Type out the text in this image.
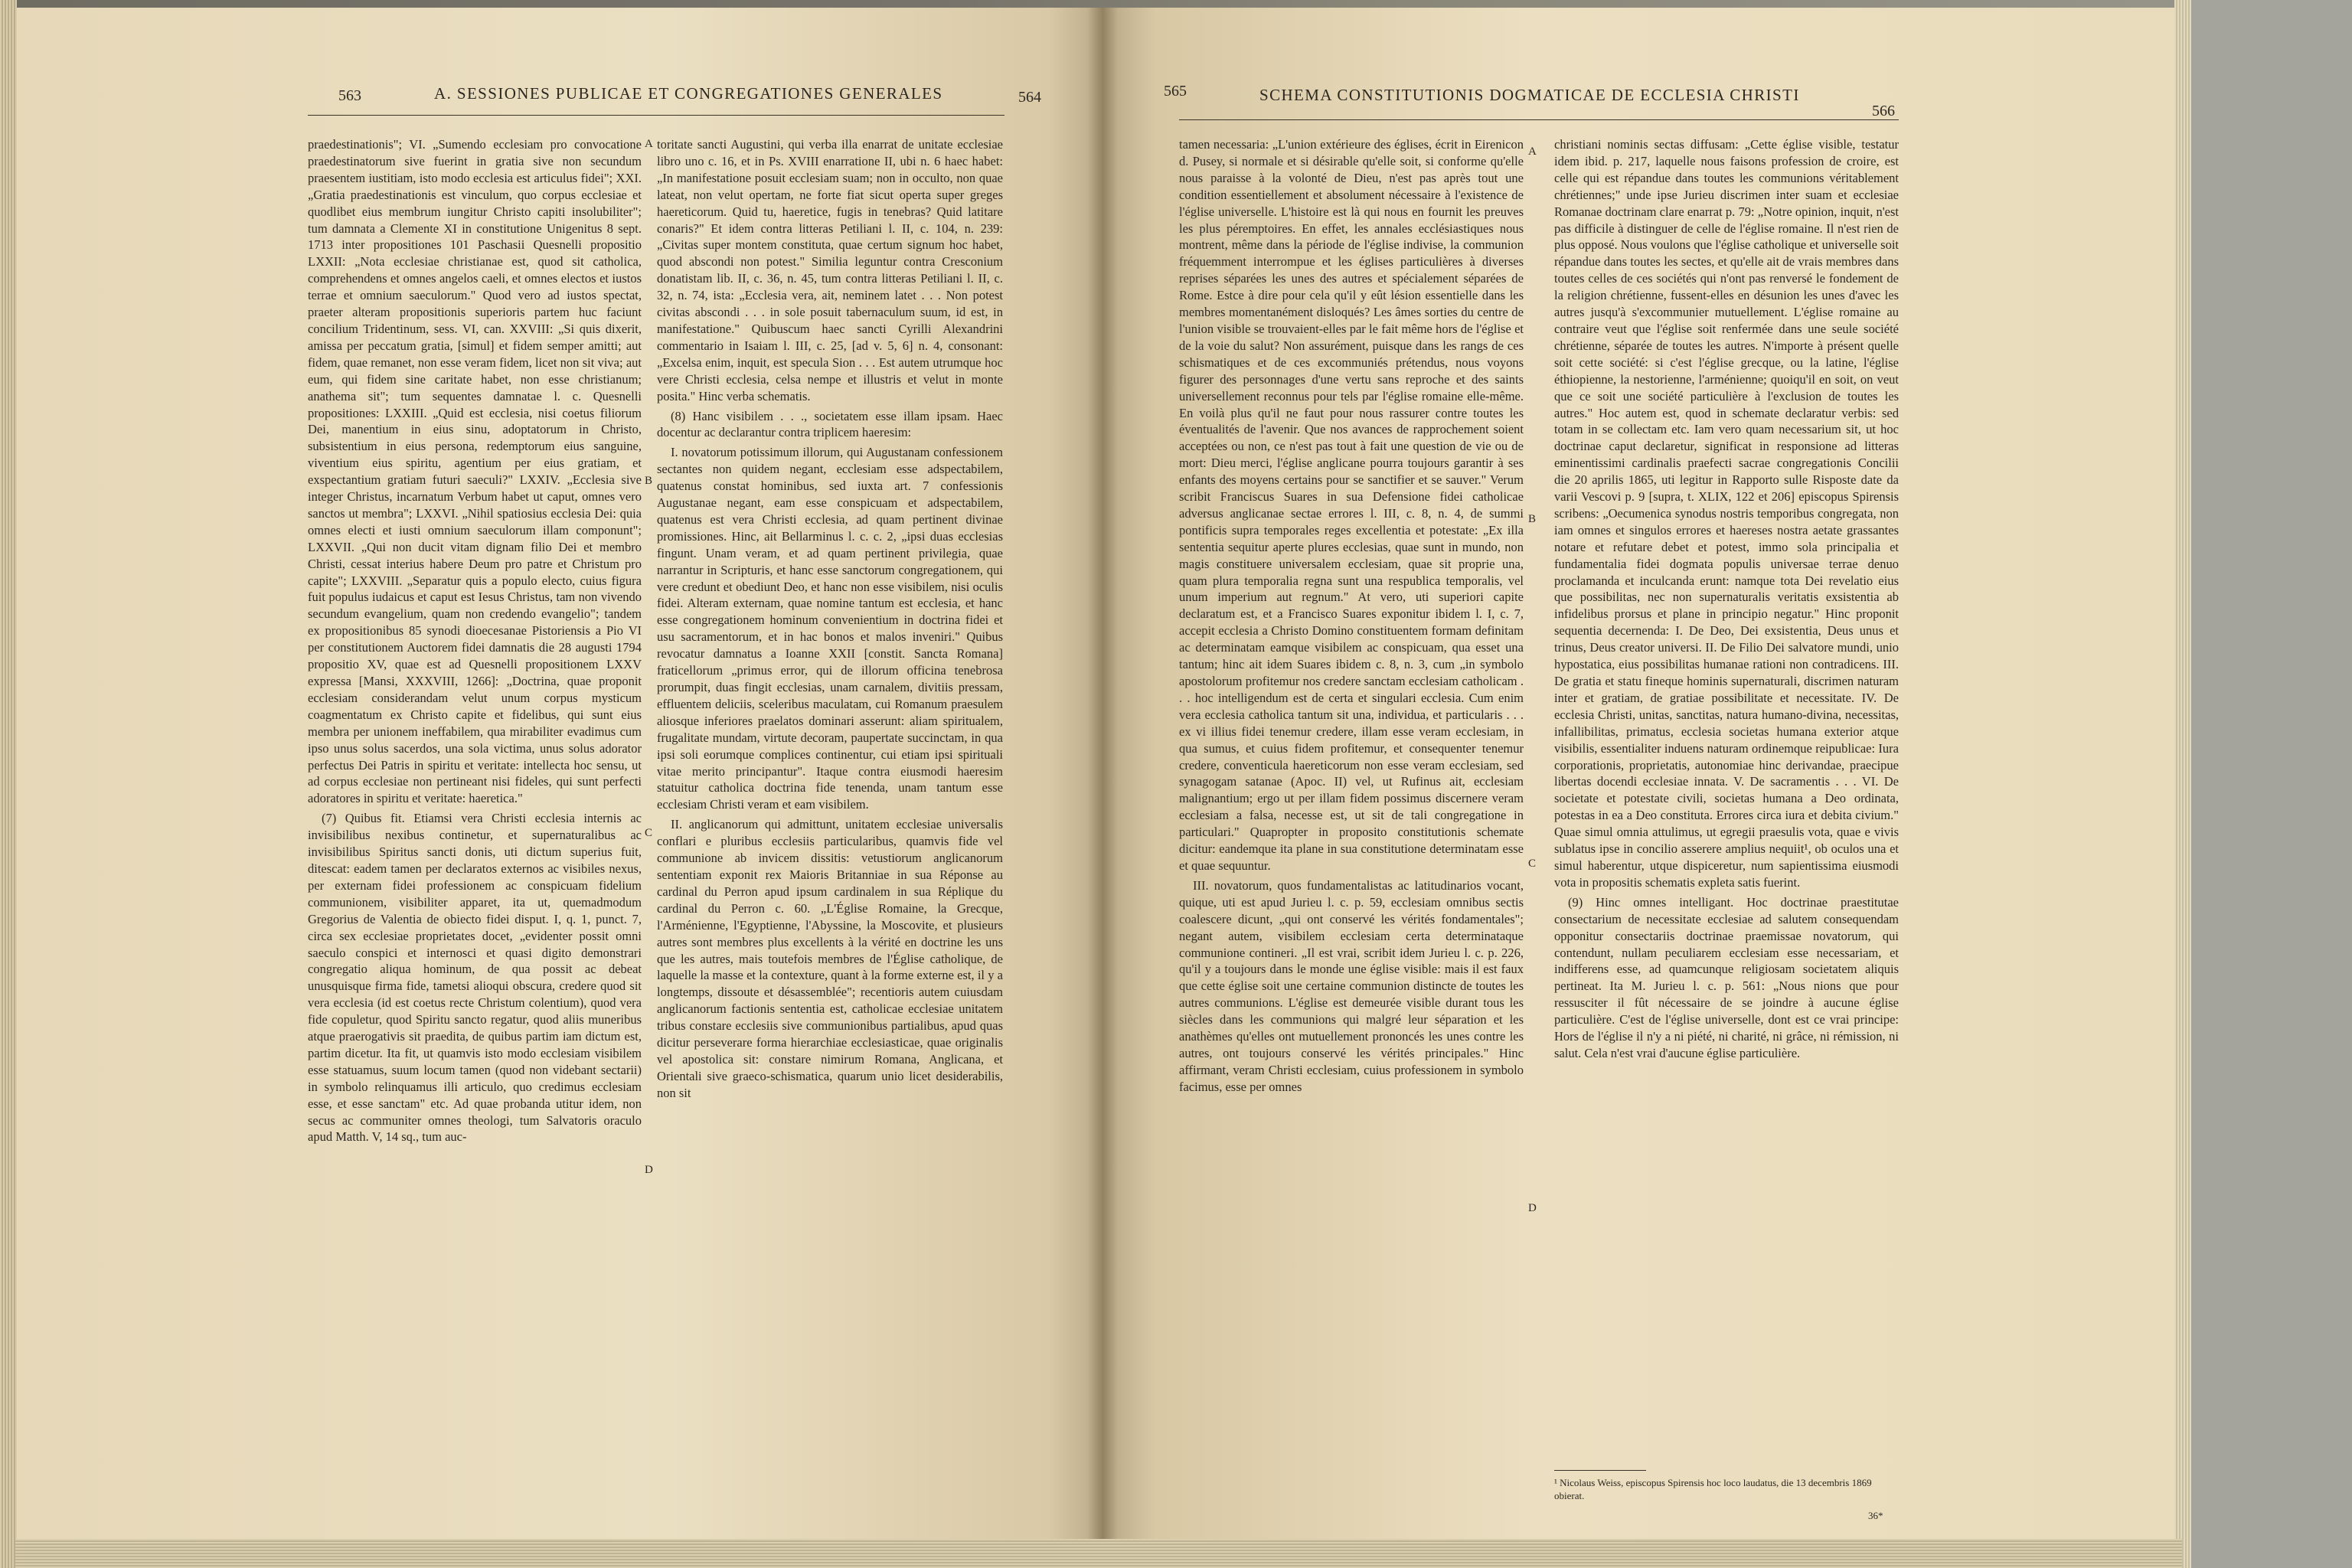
563	A. SESSIONES PUBLICAE ET CONGREGATIONES GENERALES	564

praedestinationis"; VI. „Sumendo ecclesiam pro convocatione praedestinatorum sive fuerint in gratia sive non secundum praesentem iustitiam, isto modo ecclesia est articulus fidei"; XXI. „Gratia praedestinationis est vinculum, quo corpus ecclesiae et quodlibet eius membrum iungitur Christo capiti insolubiliter"; tum damnata a Clemente XI in constitutione Unigenitus 8 sept. 1713 inter propositiones 101 Paschasii Quesnelli propositio LXXII: „Nota ecclesiae christianae est, quod sit catholica, comprehendens et omnes angelos caeli, et omnes electos et iustos terrae et omnium saeculorum." Quod vero ad iustos spectat, praeter alteram propositionis superioris partem huc faciunt concilium Tridentinum, sess. VI, can. XXVIII: „Si quis dixerit, amissa per peccatum gratia, [simul] et fidem semper amitti; aut fidem, quae remanet, non esse veram fidem, licet non sit viva; aut eum, qui fidem sine caritate habet, non esse christianum; anathema sit"; tum sequentes damnatae l. c. Quesnelli propositiones: LXXIII. „Quid est ecclesia, nisi coetus filiorum Dei, manentium in eius sinu, adoptatorum in Christo, subsistentium in eius persona, redemptorum eius sanguine, viventium eius spiritu, agentium per eius gratiam, et exspectantium gratiam futuri saeculi?" LXXIV. „Ecclesia sive integer Christus, incarnatum Verbum habet ut caput, omnes vero sanctos ut membra"; LXXVI. „Nihil spatiosius ecclesia Dei: quia omnes electi et iusti omnium saeculorum illam componunt"; LXXVII. „Qui non ducit vitam dignam filio Dei et membro Christi, cessat interius habere Deum pro patre et Christum pro capite"; LXXVIII. „Separatur quis a populo electo, cuius figura fuit populus iudaicus et caput est Iesus Christus, tam non vivendo secundum evangelium, quam non credendo evangelio"; tandem ex propositionibus 85 synodi dioecesanae Pistoriensis a Pio VI per constitutionem Auctorem fidei damnatis die 28 augusti 1794 propositio XV, quae est ad Quesnelli propositionem LXXV expressa [Mansi, XXXVIII, 1266]: „Doctrina, quae proponit ecclesiam considerandam velut unum corpus mysticum coagmentatum ex Christo capite et fidelibus, qui sunt eius membra per unionem ineffabilem, qua mirabiliter evadimus cum ipso unus solus sacerdos, una sola victima, unus solus adorator perfectus Dei Patris in spiritu et veritate: intellecta hoc sensu, ut ad corpus ecclesiae non pertineant nisi fideles, qui sunt perfecti adoratores in spiritu et veritate: haeretica."

(7) Quibus fit. Etiamsi vera Christi ecclesia internis ac invisibilibus nexibus continetur, et supernaturalibus ac invisibilibus Spiritus sancti donis, uti dictum superius fuit, ditescat: eadem tamen per declaratos externos ac visibiles nexus, per externam fidei professionem ac conspicuam fidelium communionem, visibiliter apparet, ita ut, quemadmodum Gregorius de Valentia de obiecto fidei disput. I, q. 1, punct. 7, circa sex ecclesiae proprietates docet, „evidenter possit omni saeculo conspici et internosci et quasi digito demonstrari congregatio aliqua hominum, de qua possit ac debeat unusquisque firma fide, tametsi alioqui obscura, credere quod sit vera ecclesia (id est coetus recte Christum colentium), quod vera fide copuletur, quod Spiritu sancto regatur, quod aliis muneribus atque praerogativis sit praedita, de quibus partim iam dictum est, partim dicetur. Ita fit, ut quamvis isto modo ecclesiam visibilem esse statuamus, suum locum tamen (quod non videbant sectarii) in symbolo relinquamus illi articulo, quo credimus ecclesiam esse, et esse sanctam" etc. Ad quae probanda utitur idem, non secus ac communiter omnes theologi, tum Salvatoris oraculo apud Matth. V, 14 sq., tum auc-

A
B
C
D

toritate sancti Augustini, qui verba illa enarrat de unitate ecclesiae libro uno c. 16, et in Ps. XVIII enarratione II, ubi n. 6 haec habet: „In manifestatione posuit ecclesiam suam; non in occulto, non quae lateat, non velut opertam, ne forte fiat sicut operta super greges haereticorum. Quid tu, haeretice, fugis in tenebras? Quid latitare conaris?" Et idem contra litteras Petiliani l. II, c. 104, n. 239: „Civitas super montem constituta, quae certum signum hoc habet, quod abscondi non potest." Similia leguntur contra Cresconium donatistam lib. II, c. 36, n. 45, tum contra litteras Petiliani l. II, c. 32, n. 74, ista: „Ecclesia vera, ait, neminem latet . . . Non potest civitas abscondi . . . in sole posuit tabernaculum suum, id est, in manifestatione." Quibuscum haec sancti Cyrilli Alexandrini commentario in Isaiam l. III, c. 25, [ad v. 5, 6] n. 4, consonant: „Excelsa enim, inquit, est specula Sion . . . Est autem utrumque hoc vere Christi ecclesia, celsa nempe et illustris et velut in monte posita." Hinc verba schematis.

(8) Hanc visibilem . . ., societatem esse illam ipsam. Haec docentur ac declarantur contra triplicem haeresim:

I. novatorum potissimum illorum, qui Augustanam confessionem sectantes non quidem negant, ecclesiam esse adspectabilem, quatenus constat hominibus, sed iuxta art. 7 confessionis Augustanae negant, eam esse conspicuam et adspectabilem, quatenus est vera Christi ecclesia, ad quam pertinent divinae promissiones. Hinc, ait Bellarminus l. c. c. 2, „ipsi duas ecclesias fingunt. Unam veram, et ad quam pertinent privilegia, quae narrantur in Scripturis, et hanc esse sanctorum congregationem, qui vere credunt et obediunt Deo, et hanc non esse visibilem, nisi oculis fidei. Alteram externam, quae nomine tantum est ecclesia, et hanc esse congregationem hominum convenientium in doctrina fidei et usu sacramentorum, et in hac bonos et malos inveniri." Quibus revocatur damnatus a Ioanne XXII [constit. Sancta Romana] fraticellorum „primus error, qui de illorum officina tenebrosa prorumpit, duas fingit ecclesias, unam carnalem, divitiis pressam, effluentem deliciis, sceleribus maculatam, cui Romanum praesulem aliosque inferiores praelatos dominari asserunt: aliam spiritualem, frugalitate mundam, virtute decoram, paupertate succinctam, in qua ipsi soli eorumque complices continentur, cui etiam ipsi spirituali vitae merito principantur". Itaque contra eiusmodi haeresim statuitur catholica doctrina fide tenenda, unam tantum esse ecclesiam Christi veram et eam visibilem.

II. anglicanorum qui admittunt, unitatem ecclesiae universalis conflari e pluribus ecclesiis particularibus, quamvis fide vel communione ab invicem dissitis: vetustiorum anglicanorum sententiam exponit rex Maioris Britanniae in sua Réponse au cardinal du Perron apud ipsum cardinalem in sua Réplique du cardinal du Perron c. 60. „L'Église Romaine, la Grecque, l'Arménienne, l'Egyptienne, l'Abyssine, la Moscovite, et plusieurs autres sont membres plus excellents à la vérité en doctrine les uns que les autres, mais toutefois membres de l'Église catholique, de laquelle la masse et la contexture, quant à la forme externe est, il y a longtemps, dissoute et désassemblée"; recentioris autem cuiusdam anglicanorum factionis sententia est, catholicae ecclesiae unitatem tribus constare ecclesiis sive communionibus partialibus, apud quas dicitur perseverare forma hierarchiae ecclesiasticae, quae originalis vel apostolica sit: constare nimirum Romana, Anglicana, et Orientali sive graeco-schismatica, quarum unio licet desiderabilis, non sit

565	SCHEMA CONSTITUTIONIS DOGMATICAE DE ECCLESIA CHRISTI
566

tamen necessaria: „L'union extérieure des églises, écrit in Eirenicon d. Pusey, si normale et si désirable qu'elle soit, si conforme qu'elle nous paraisse à la volonté de Dieu, n'est pas après tout une condition essentiellement et absolument nécessaire à l'existence de l'église universelle. L'histoire est là qui nous en fournit les preuves les plus péremptoires. En effet, les annales ecclésiastiques nous montrent, même dans la période de l'église indivise, la communion fréquemment interrompue et les églises particulières à diverses reprises séparées les unes des autres et spécialement séparées de Rome. Estce à dire pour cela qu'il y eût lésion essentielle dans les membres momentanément disloqués? Les âmes sorties du centre de l'union visible se trouvaient-elles par le fait même hors de l'église et de la voie du salut? Non assurément, puisque dans les rangs de ces schismatiques et de ces excommuniés prétendus, nous voyons figurer des personnages d'une vertu sans reproche et des saints universellement reconnus pour tels par l'église romaine elle-même. En voilà plus qu'il ne faut pour nous rassurer contre toutes les éventualités de l'avenir. Que nos avances de rapprochement soient acceptées ou non, ce n'est pas tout à fait une question de vie ou de mort: Dieu merci, l'église anglicane pourra toujours garantir à ses enfants des moyens certains pour se sanctifier et se sauver." Verum scribit Franciscus Suares in sua Defensione fidei catholicae adversus anglicanae sectae errores l. III, c. 8, n. 4, de summi pontificis supra temporales reges excellentia et potestate: „Ex illa sententia sequitur aperte plures ecclesias, quae sunt in mundo, non magis constituere universalem ecclesiam, quae sit proprie una, quam plura temporalia regna sunt una respublica temporalis, vel unum imperium aut regnum." At vero, uti superiori capite declaratum est, et a Francisco Suares exponitur ibidem l. I, c. 7, accepit ecclesia a Christo Domino constituentem formam definitam ac determinatam eamque visibilem ac conspicuam, qua esset una tantum; hinc ait idem Suares ibidem c. 8, n. 3, cum „in symbolo apostolorum profitemur nos credere sanctam ecclesiam catholicam . . . hoc intelligendum est de certa et singulari ecclesia. Cum enim vera ecclesia catholica tantum sit una, individua, et particularis . . . ex vi illius fidei tenemur credere, illam esse veram ecclesiam, in qua sumus, et cuius fidem profitemur, et consequenter tenemur credere, conventicula haereticorum non esse veram ecclesiam, sed synagogam satanae (Apoc. II) vel, ut Rufinus ait, ecclesiam malignantium; ergo ut per illam fidem possimus discernere veram ecclesiam a falsa, necesse est, ut sit de tali congregatione in particulari." Quapropter in proposito constitutionis schemate dicitur: eandemque ita plane in sua constitutione determinatam esse et quae sequuntur.

III. novatorum, quos fundamentalistas ac latitudinarios vocant, quique, uti est apud Jurieu l. c. p. 59, ecclesiam omnibus sectis coalescere dicunt, „qui ont conservé les vérités fondamentales"; negant autem, visibilem ecclesiam certa determinataque communione contineri. „Il est vrai, scribit idem Jurieu l. c. p. 226, qu'il y a toujours dans le monde une église visible: mais il est faux que cette église soit une certaine communion distincte de toutes les autres communions. L'église est demeurée visible durant tous les siècles dans les communions qui malgré leur séparation et les anathèmes qu'elles ont mutuellement prononcés les unes contre les autres, ont toujours conservé les vérités principales." Hinc affirmant, veram Christi ecclesiam, cuius professionem in symbolo facimus, esse per omnes

A
B
C
D

christiani nominis sectas diffusam: „Cette église visible, testatur idem ibid. p. 217, laquelle nous faisons profession de croire, est celle qui est répandue dans toutes les communions véritablement chrétiennes;" unde ipse Jurieu discrimen inter suam et ecclesiae Romanae doctrinam clare enarrat p. 79: „Notre opinion, inquit, n'est pas difficile à distinguer de celle de l'église romaine. Il n'est rien de plus opposé. Nous voulons que l'église catholique et universelle soit répandue dans toutes les sectes, et qu'elle ait de vrais membres dans toutes celles de ces sociétés qui n'ont pas renversé le fondement de la religion chrétienne, fussent-elles en désunion les unes d'avec les autres jusqu'à s'excommunier mutuellement. L'église romaine au contraire veut que l'église soit renfermée dans une seule société chrétienne, séparée de toutes les autres. N'importe à présent quelle soit cette société: si c'est l'église grecque, ou la latine, l'église éthiopienne, la nestorienne, l'arménienne; quoiqu'il en soit, on veut que ce soit une société particulière à l'exclusion de toutes les autres." Hoc autem est, quod in schemate declaratur verbis: sed totam in se collectam etc. Iam vero quam necessarium sit, ut hoc doctrinae caput declaretur, significat in responsione ad litteras eminentissimi cardinalis praefecti sacrae congregationis Concilii die 20 aprilis 1865, uti legitur in Rapporto sulle Risposte date da varii Vescovi p. 9 [supra, t. XLIX, 122 et 206] episcopus Spirensis scribens: „Oecumenica synodus nostris temporibus congregata, non iam omnes et singulos errores et haereses nostra aetate grassantes notare et refutare debet et potest, immo sola principalia et fundamentalia fidei dogmata populis universae terrae denuo proclamanda et inculcanda erunt: namque tota Dei revelatio eius que possibilitas, nec non supernaturalis veritatis exsistentia ab infidelibus prorsus et plane in principio negatur." Hinc proponit sequentia decernenda: I. De Deo, Dei exsistentia, Deus unus et trinus, Deus creator universi. II. De Filio Dei salvatore mundi, unio hypostatica, eius possibilitas humanae rationi non contradicens. III. De gratia et statu fineque hominis supernaturali, discrimen naturam inter et gratiam, de gratiae possibilitate et necessitate. IV. De ecclesia Christi, unitas, sanctitas, natura humano-divina, necessitas, infallibilitas, primatus, ecclesia societas humana exterior atque visibilis, essentialiter induens naturam ordinemque reipublicae: Iura corporationis, proprietatis, autonomiae hinc derivandae, praecipue libertas docendi ecclesiae innata. V. De sacramentis . . . VI. De societate et potestate civili, societas humana a Deo ordinata, potestas in ea a Deo constituta. Errores circa iura et debita civium." Quae simul omnia attulimus, ut egregii praesulis vota, quae e vivis sublatus ipse in concilio asserere amplius nequiit¹, ob oculos una et simul haberentur, utque dispiceretur, num sapientissima eiusmodi vota in propositis schematis expleta satis fuerint.

(9) Hinc omnes intelligant. Hoc doctrinae praestitutae consectarium de necessitate ecclesiae ad salutem consequendam opponitur consectariis doctrinae praemissae novatorum, qui contendunt, nullam peculiarem ecclesiam esse necessariam, et indifferens esse, ad quamcunque religiosam societatem aliquis pertineat. Ita M. Jurieu l. c. p. 561: „Nous nions que pour ressusciter il fût nécessaire de se joindre à aucune église particulière. C'est de l'église universelle, dont est ce vrai principe: Hors de l'église il n'y a ni piété, ni charité, ni grâce, ni rémission, ni salut. Cela n'est vrai d'aucune église particulière.

¹ Nicolaus Weiss, episcopus Spirensis hoc loco laudatus, die 13 decembris 1869 obierat.
36*
